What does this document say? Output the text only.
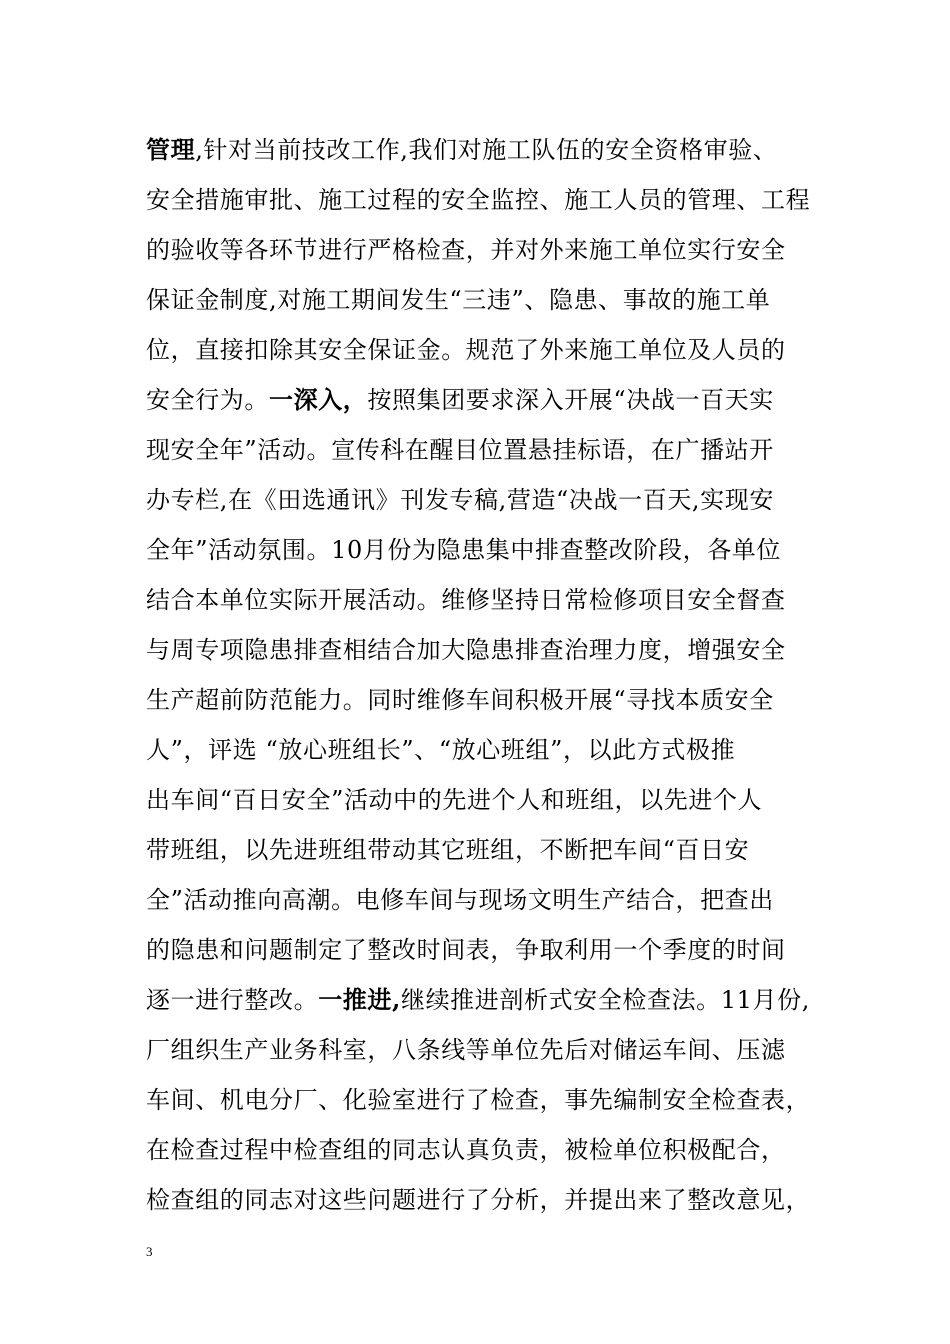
管理,针对当前技改工作,我们对施工队伍的安全资格审验、
安全措施审批、施工过程的安全监控、施工人员的管理、工程
的验收等各环节进行严格检查，并对外来施工单位实行安全
保证金制度,对施工期间发生“三违”、隐患、事故的施工单
位，直接扣除其安全保证金。规范了外来施工单位及人员的
安全行为。一深入，按照集团要求深入开展“决战一百天实
现安全年”活动。宣传科在醒目位置悬挂标语，在广播站开
办专栏,在《田选通讯》刊发专稿,营造“决战一百天,实现安
全年”活动氛围。10月份为隐患集中排查整改阶段，各单位
结合本单位实际开展活动。维修坚持日常检修项目安全督查
与周专项隐患排查相结合加大隐患排查治理力度，增强安全
生产超前防范能力。同时维修车间积极开展“寻找本质安全
人”，评选 “放心班组长”、“放心班组”，以此方式极推
出车间“百日安全”活动中的先进个人和班组，以先进个人
带班组，以先进班组带动其它班组，不断把车间“百日安
全”活动推向高潮。电修车间与现场文明生产结合，把查出
的隐患和问题制定了整改时间表，争取利用一个季度的时间
逐一进行整改。一推进,继续推进剖析式安全检查法。11月份,
厂组织生产业务科室，八条线等单位先后对储运车间、压滤
车间、机电分厂、化验室进行了检查，事先编制安全检查表，
在检查过程中检查组的同志认真负责，被检单位积极配合，
检查组的同志对这些问题进行了分析，并提出来了整改意见，
3
